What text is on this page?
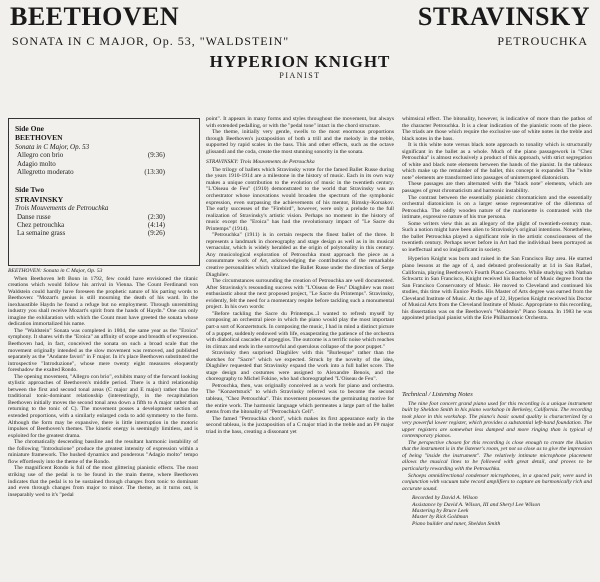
BEETHOVEN
SONATA IN C MAJOR, Op. 53, "WALDSTEIN"
STRAVINSKY
PETROUCHKA
HYPERION KNIGHT
PIANIST
Side One
BEETHOVEN
Sonata in C Major, Op. 53
Allegro con brio	(9:36)
Adagio molto
Allegretto moderato	(13:30)
Side Two
STRAVINSKY
Trois Mouvements de Petrouchka
Danse russe	(2:30)
Chez petrouchka	(4:14)
La semaine grass	(9:26)

BEETHOVEN: Sonata in C Major, Op. 53

When Beethoven left Bonn in 1792, few could have envisioned the titanic creations which would follow his arrival in Vienna. The Count Ferdinand von Waldstein could hardly have foreseen the prophetic nature of his parting words to Beethoven: "Mozart's genius is still mourning the death of his ward. In the inexhaustible Haydn he found a refuge but no employment. Through unremitting industry you shall receive Mozart's spirit from the hands of Haydn." One can only imagine the exhilaration with which the Count must have greeted the sonata whose dedication immortalized his name.

The "Waldstein" Sonata was completed in 1804, the same year as the "Eroica" symphony. It shares with the "Eroica" an affinity of scope and breadth of expression. Beethoven had, in fact, conceived the sonata on such a broad scale that the movement originally intended as the slow movement was removed, and published separately as the "Andante favori" in F major. In it's place Beethoven substituted the introspective "Introduzione", whose mere twenty eight measures eloquently foreshadow the exalted Rondo.

The opening movement, "Allegro con brio", exhibits many of the forward looking stylistic approaches of Beethoven's middle period. There is a third relationship between the first and second tonal areas (C major and E major) rather than the traditional tonic-dominant relationship (interestingly, in the recapitulation Beethoven initially moves the second tonal area down a fifth to A major rather than returning to the tonic of C). The movement posses a development section of extended proportions, with a similarly enlarged coda to add symmetry to the form. Although the form may be expansive, there is little interruption in the motoric impulses of Beethoven's themes. The kinetic energy is seemingly limitless, and is exploited for the greatest drama.

The chromatically descending bassline and the resultant harmonic instability of the following "Introduzione" produce the greatest intensity of expression within a miniature framework. The hushed dynamics and ponderous "Adagio molto" tempo flow effortlessly into the theme of the Rondo.

The magnificent Rondo is full of the most glittering pianistic effects. The most striking use of the pedal is to be found in the main theme, where Beethoven indicates that the pedal is to be sustained through changes from tonic to dominant and even through changes from major to minor. The theme, as it turns out, is inseparably wed to it's "pedal

point". It appears in many forms and styles throughout the movement, but always with extended pedalling, or with the "pedal tone" intact in the chord structure.

The theme, initially very gentle, swells to the most enormous proportions through Beethoven's juxtaposition of both a trill and the melody in the treble, supported by rapid scales in the bass. This and other effects, such as the octave glissandi and the coda, create the most stunning sonority in the sonata.

STRAVINSKY: Trois Mouvements de Petrouchka

The trilogy of ballets which Stravinsky wrote for the famed Ballet Russe during the years 1910-1914 are a milestone in the history of music. Each in its own way makes a unique contribution to the evolution of music in the twentieth century. "L'Oiseau de Feu" (1910) demonstrated to the world that Stravinsky was an orchestrator whose innovations would broaden the spectrum of the symphonic expression, even surpassing the achievements of his mentor, Rimsky-Korsakov. The early successes of the "Firebird", however, were only a prelude to the full realization of Stravinsky's artistic vision. Perhaps no moment in the history of music except the "Eroica" has had the revolutionary impact of "Le Sacre du Printemps" (1914).

"Petrouchka" (1911) is in certain respects the finest ballet of the three. It represents a landmark in choreography and stage design as well as in its musical vernacular, which is widely heralded as the origin of polytonality in this century. Any musicological exploration of Petrouchka must approach the piece as a consummate work of Art, acknowledging the contributions of the remarkable creative personalities which vitalized the Ballet Russe under the direction of Serge Diaghilev.

The circumstances surrounding the creation of Petrouchka are well documented. After Stravinsky's resounding success with "L'Oiseau de Feu" Diaghilev was most enthusiastic about the next proposed project, "Le Sacre du Printemps". Stravinsky, evidently, felt the need for a momentary respite before tackling such a monumental project. In his own words:

"Before tackling the Sacre du Printemps...I wanted to refresh myself by composing an orchestral piece in which the piano would play the most important part-a sort of Konzertstuck. In composing the music, I had in mind a distinct picture of a puppet, suddenly endowed with life, exasperating the patience of the orchestra with diabolical cascades of arpeggios. The outcome is a terrific noise which reaches its climax and ends in the sorrowful and querulous collapse of the poor puppet."

Stravinsky then surprised Diaghilev with this "Burlesque" rather than the sketches for "Sacre" which we expected. Struck by the novelty of the idea, Diaghilev requested that Stravinsky expand the work into a full ballet score. The stage design and costumes were assigned to Alexandre Benois, and the choreography to Michel Fokine, who had choreographed "L'Oiseau de Feu".

Petrouchka, then, was originally conceived as a work for piano and orchestra. The "Konzertstuck" to which Stravinsky referred was to become the second tableau, "Chez Petrouchka". This movement possesses the germinating motive for the entire work. The harmonic language which permeates a large part of the ballet stems from the bitonality of "Petrouchka's Cell".

The famed "Petrouchka chord", which makes its first appearance early in the second tableau, is the juxtaposition of a C major triad in the treble and an F# major triad in the bass, creating a dissonant yet

whimsical effect. The bitonality, however, is indicative of more than the pathos of the character Petrouchka. It is a clear indication of the pianistic roots of the piece. The triads are those which require the exclusive use of white notes in the treble and black notes in the bass.

It is this white note versus black note approach to tonality which is structurally significant in the ballet as a whole. Much of the piano passagework in "Chez Petrouchka" is almost exclusively a product of this approach, with strict segregation of white and black note elements between the hands of the pianist. In the tableaux which make up the remainder of the ballet, this concept is expanded. The "white note" elements are transformed into passages of uninterrupted diatonicism.

These passages are then alternated with the "black note" elements, which are passages of great chromaticism and harmonic instability.

The contrast between the essentially pianistic chromaticism and the essentially orchestral diatonicism is on a larger sense representative of the dilemma of Petrouchka. The oddly wooden nature of the marionette is contrasted with the intimate, expressive nature of his true persona.

Some writers view this as an allegory of the plight of twentieth-century man. Such a notion might have been alien to Stravinsky's original intentions. Nonetheless, the ballet Petrouchka played a significant role in the artistic consciousness of the twentieth century. Perhaps never before in Art had the individual been portrayed as so ineffectual and so insignificant in society.

Hyperion Knight was born and raised in the San Francisco Bay area. He started piano lessons at the age of 4, and debuted professionally at 14 in San Rafael, California, playing Beethoven's Fourth Piano Concerto. While studying with Nathan Schwartz in San Francisco, Knight received his Bachelor of Music degree from the San Francisco Conservatory of Music. He moved to Cleveland and continued his studies, this time with Eunice Podis. His Master of Arts degree was earned from the Cleveland Institute of Music. At the age of 22, Hyperion Knight received his Doctor of Musical Arts from the Cleveland Institute of Music. Appropriate to this recording, his dissertation was on the Beethoven's "Waldstein" Piano Sonata. In 1983 he was appointed principal pianist with the Erie Philharmonic Orchestra.

Technical / Listening Notes

The nine foot concert grand piano used for this recording is a unique instrument built by Sheldon Smith in his piano workshop in Berkeley, California. The recording took place in this workshop. The piano's basic sound quality is characterized by a very powerful lower register, which provides a substantial left-hand foundation. The upper registers are somewhat less damped and more ringing than is typical of contemporary pianos.

The perspective chosen for this recording is close enough to create the illusion that the instrument is in the listener's room, yet not so close as to give the impression of being "inside the instrument". The relatively intimate microphone placement allows the musical lines to be followed with great detail, and proves to be particularly rewarding with the Petrouchka.

Schoeps omnidirectional condenser microphones, in a spaced pair, were used in conjunction with vacuum tube record amplifiers to capture an harmonically rich and accurate sound.

Recorded by David A. Wilson
Assistance by David A. Wilson, III and Sheryl Lee Wilson
Mastering by Bruce Leek
Master by Rick Goldman
Piano builder and tuner, Sheldon Smith
